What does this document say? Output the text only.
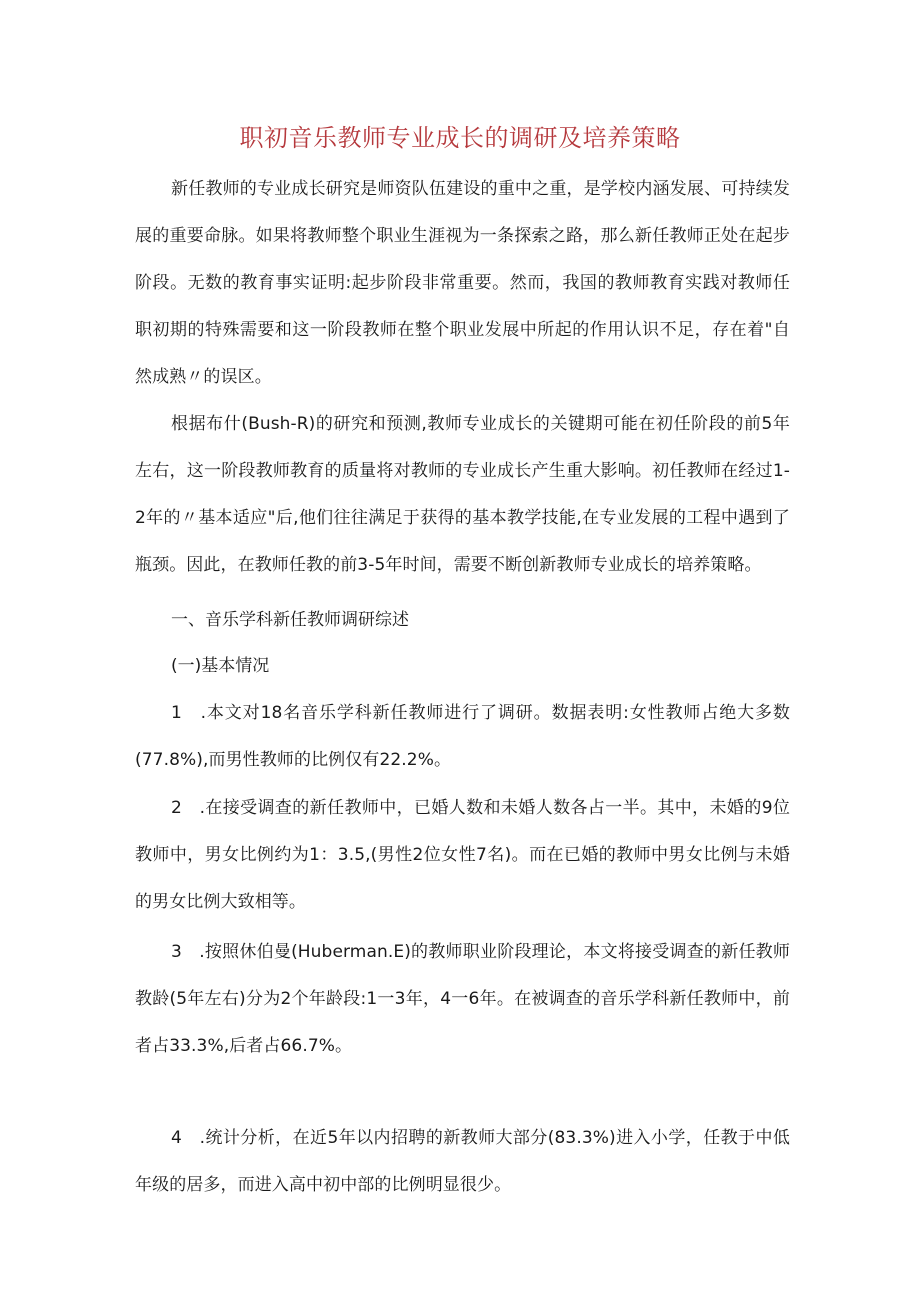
职初音乐教师专业成长的调研及培养策略

新任教师的专业成长研究是师资队伍建设的重中之重，是学校内涵发展、可持续发展的重要命脉。如果将教师整个职业生涯视为一条探索之路，那么新任教师正处在起步阶段。无数的教育事实证明:起步阶段非常重要。然而，我国的教师教育实践对教师任职初期的特殊需要和这一阶段教师在整个职业发展中所起的作用认识不足，存在着"自然成熟〃的误区。

根据布什(Bush-R)的研究和预测,教师专业成长的关键期可能在初任阶段的前5年左右，这一阶段教师教育的质量将对教师的专业成长产生重大影响。初任教师在经过1-2年的〃基本适应"后,他们往往满足于获得的基本教学技能,在专业发展的工程中遇到了瓶颈。因此，在教师任教的前3-5年时间，需要不断创新教师专业成长的培养策略。

一、音乐学科新任教师调研综述

(一)基本情况

1　.本文对18名音乐学科新任教师进行了调研。数据表明:女性教师占绝大多数(77.8%),而男性教师的比例仅有22.2%。

2　.在接受调查的新任教师中，已婚人数和未婚人数各占一半。其中，未婚的9位教师中，男女比例约为1：3.5,(男性2位女性7名)。而在已婚的教师中男女比例与未婚的男女比例大致相等。

3　.按照休伯曼(Huberman.E)的教师职业阶段理论，本文将接受调查的新任教师教龄(5年左右)分为2个年龄段:1一3年，4一6年。在被调查的音乐学科新任教师中，前者占33.3%,后者占66.7%。

4　.统计分析，在近5年以内招聘的新教师大部分(83.3%)进入小学，任教于中低年级的居多，而进入高中初中部的比例明显很少。
